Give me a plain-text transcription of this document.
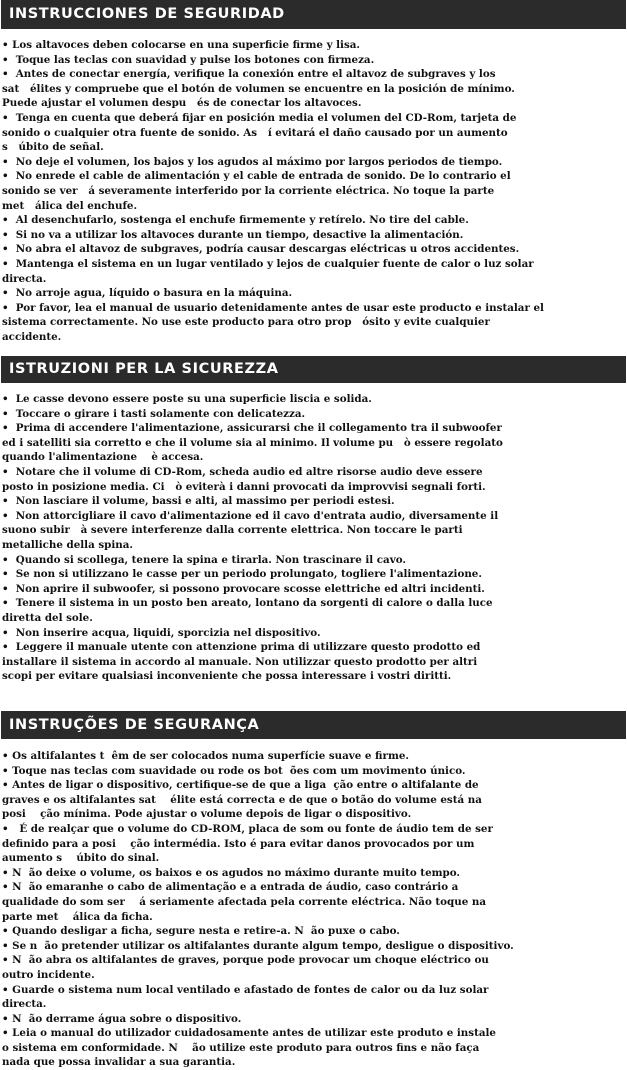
INSTRUCCIONES DE SEGURIDAD

• Los altavoces deben colocarse en una superficie firme y lisa.

•  Toque las teclas con suavidad y pulse los botones con firmeza.

•  Antes de conectar energía, verifique la conexión entre el altavoz de subgraves y los
sat   élites y compruebe que el botón de volumen se encuentre en la posición de mínimo.
Puede ajustar el volumen despu   és de conectar los altavoces.

•  Tenga en cuenta que deberá fijar en posición media el volumen del CD-Rom, tarjeta de
sonido o cualquier otra fuente de sonido. As   í evitará el daño causado por un aumento
s   úbito de señal.

•  No deje el volumen, los bajos y los agudos al máximo por largos periodos de tiempo.

•  No enrede el cable de alimentación y el cable de entrada de sonido. De lo contrario el
sonido se ver   á severamente interferido por la corriente eléctrica. No toque la parte
met   álica del enchufe.

•  Al desenchufarlo, sostenga el enchufe firmemente y retírelo. No tire del cable.

•  Si no va a utilizar los altavoces durante un tiempo, desactive la alimentación.

•  No abra el altavoz de subgraves, podría causar descargas eléctricas u otros accidentes.

•  Mantenga el sistema en un lugar ventilado y lejos de cualquier fuente de calor o luz solar
directa.

•  No arroje agua, líquido o basura en la máquina.

•  Por favor, lea el manual de usuario detenidamente antes de usar este producto e instalar el
sistema correctamente. No use este producto para otro prop   ósito y evite cualquier
accidente.

ISTRUZIONI PER LA SICUREZZA

•  Le casse devono essere poste su una superficie liscia e solida.

•  Toccare o girare i tasti solamente con delicatezza.

•  Prima di accendere l'alimentazione, assicurarsi che il collegamento tra il subwoofer
ed i satelliti sia corretto e che il volume sia al minimo. Il volume pu   ò essere regolato
quando l'alimentazione    è accesa.

•  Notare che il volume di CD-Rom, scheda audio ed altre risorse audio deve essere
posto in posizione media. Ci   ò eviterà i danni provocati da improvvisi segnali forti.

•  Non lasciare il volume, bassi e alti, al massimo per periodi estesi.

•  Non attorcigliare il cavo d'alimentazione ed il cavo d'entrata audio, diversamente il
suono subir   à severe interferenze dalla corrente elettrica. Non toccare le parti
metalliche della spina.

•  Quando si scollega, tenere la spina e tirarla. Non trascinare il cavo.

•  Se non si utilizzano le casse per un periodo prolungato, togliere l'alimentazione.

•  Non aprire il subwoofer, si possono provocare scosse elettriche ed altri incidenti.

•  Tenere il sistema in un posto ben areato, lontano da sorgenti di calore o dalla luce
diretta del sole.

•  Non inserire acqua, liquidi, sporcizia nel dispositivo.

•  Leggere il manuale utente con attenzione prima di utilizzare questo prodotto ed
installare il sistema in accordo al manuale. Non utilizzar questo prodotto per altri
scopi per evitare qualsiasi inconveniente che possa interessare i vostri diritti.

INSTRUÇÕES DE SEGURANÇA

• Os altifalantes t  êm de ser colocados numa superfície suave e firme.

• Toque nas teclas com suavidade ou rode os bot  ões com um movimento único.

• Antes de ligar o dispositivo, certifique-se de que a liga  ção entre o altifalante de
graves e os altifalantes sat    élite está correcta e de que o botão do volume está na
posi    ção mínima. Pode ajustar o volume depois de ligar o dispositivo.

•   É de realçar que o volume do CD-ROM, placa de som ou fonte de áudio tem de ser
definido para a posi    ção intermédia. Isto é para evitar danos provocados por um
aumento s    úbito do sinal.

• N  ão deixe o volume, os baixos e os agudos no máximo durante muito tempo.

• N  ão emaranhe o cabo de alimentação e a entrada de áudio, caso contrário a
qualidade do som ser    á seriamente afectada pela corrente eléctrica. Não toque na
parte met    álica da ficha.

• Quando desligar a ficha, segure nesta e retire-a. N  ão puxe o cabo.

• Se n  ão pretender utilizar os altifalantes durante algum tempo, desligue o dispositivo.

• N  ão abra os altifalantes de graves, porque pode provocar um choque eléctrico ou
outro incidente.

• Guarde o sistema num local ventilado e afastado de fontes de calor ou da luz solar
directa.

• N  ão derrame água sobre o dispositivo.

• Leia o manual do utilizador cuidadosamente antes de utilizar este produto e instale
o sistema em conformidade. N    ão utilize este produto para outros fins e não faça
nada que possa invalidar a sua garantia.
